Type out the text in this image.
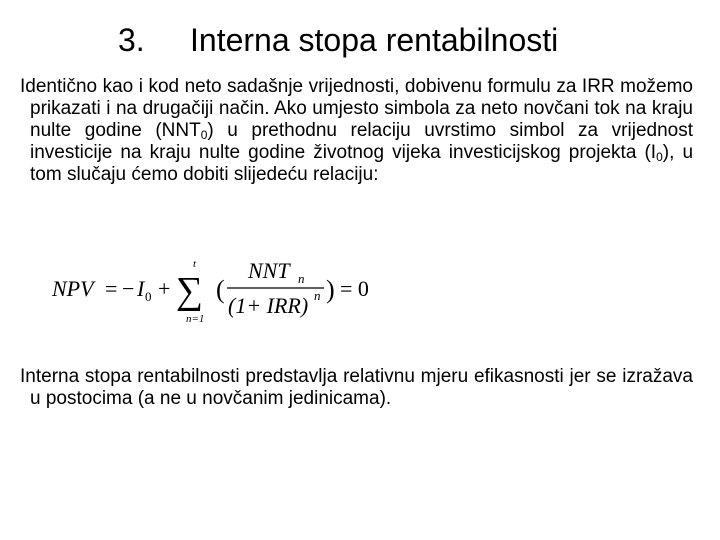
3. Interna stopa rentabilnosti
Identično kao i kod neto sadašnje vrijednosti, dobivenu formulu za IRR možemo prikazati i na drugačiji način. Ako umjesto simbola za neto novčani tok na kraju nulte godine $(NNT_0)$ u prethodnu relaciju uvrstimo simbol za vrijednost investicije na kraju nulte godine životnog vijeka investicijskog projekta $(I_0)$, u tom slučaju ćemo dobiti slijedeću relaciju:
NPV = − I 0 +
t
∑
n=1
(
NNT n
(1+ IRR) n ) = 0
Interna stopa rentabilnosti predstavlja relativnu mjeru efikasnosti jer se izražava u postocima (a ne u novčanim jedinicama).
